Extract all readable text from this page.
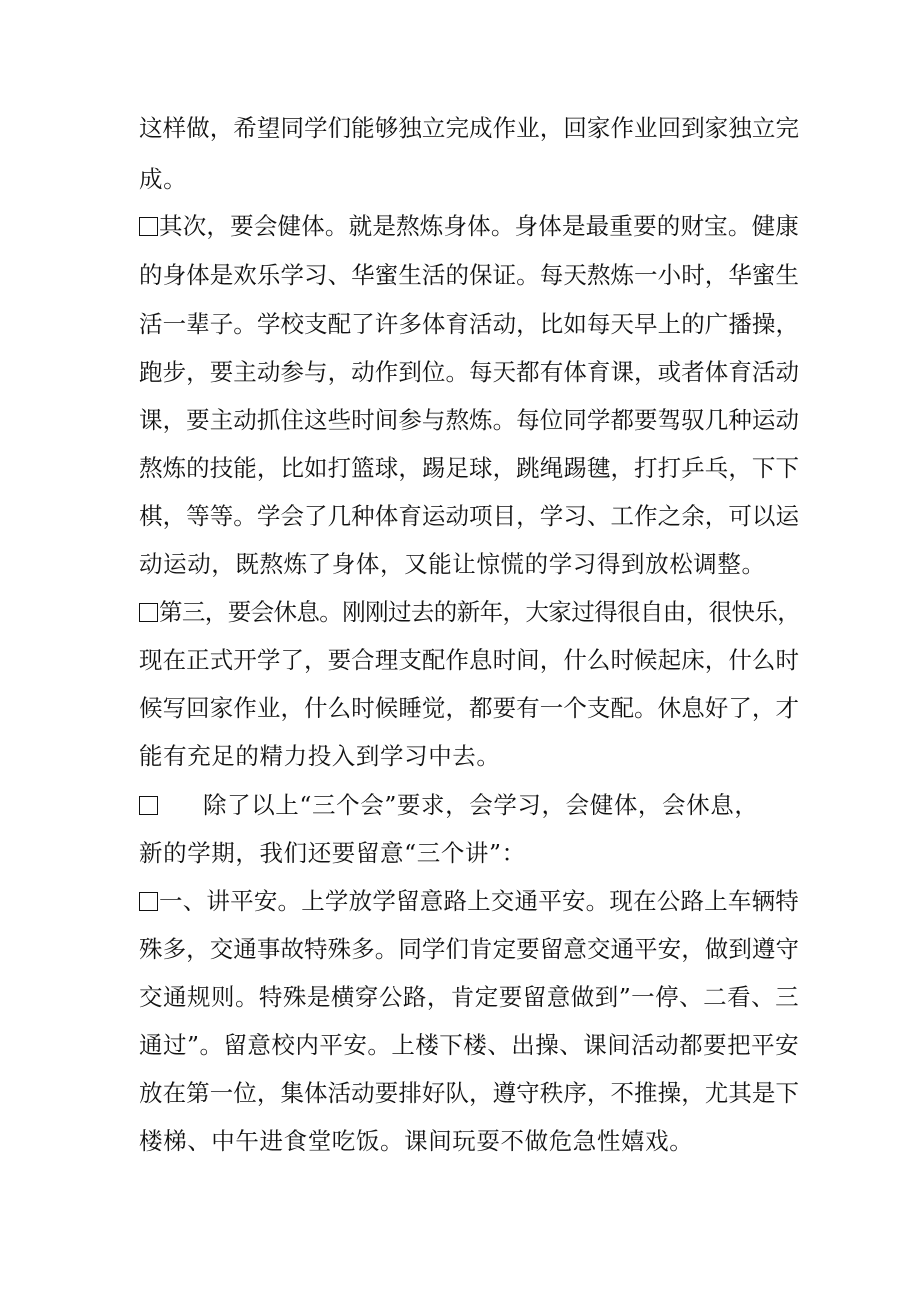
这样做，希望同学们能够独立完成作业，回家作业回到家独立完
成。
其次，要会健体。就是熬炼身体。身体是最重要的财宝。健康
的身体是欢乐学习、华蜜生活的保证。每天熬炼一小时，华蜜生
活一辈子。学校支配了许多体育活动，比如每天早上的广播操，
跑步，要主动参与，动作到位。每天都有体育课，或者体育活动
课，要主动抓住这些时间参与熬炼。每位同学都要驾驭几种运动
熬炼的技能，比如打篮球，踢足球，跳绳踢毽，打打乒乓，下下
棋，等等。学会了几种体育运动项目，学习、工作之余，可以运
动运动，既熬炼了身体，又能让惊慌的学习得到放松调整。
第三，要会休息。刚刚过去的新年，大家过得很自由，很快乐，
现在正式开学了，要合理支配作息时间，什么时候起床，什么时
候写回家作业，什么时候睡觉，都要有一个支配。休息好了，才
能有充足的精力投入到学习中去。
除了以上“三个会”要求，会学习，会健体，会休息，
新的学期，我们还要留意“三个讲”：
一、讲平安。上学放学留意路上交通平安。现在公路上车辆特
殊多，交通事故特殊多。同学们肯定要留意交通平安，做到遵守
交通规则。特殊是横穿公路，肯定要留意做到”一停、二看、三
通过”。留意校内平安。上楼下楼、出操、课间活动都要把平安
放在第一位，集体活动要排好队，遵守秩序，不推操，尤其是下
楼梯、中午进食堂吃饭。课间玩耍不做危急性嬉戏。
